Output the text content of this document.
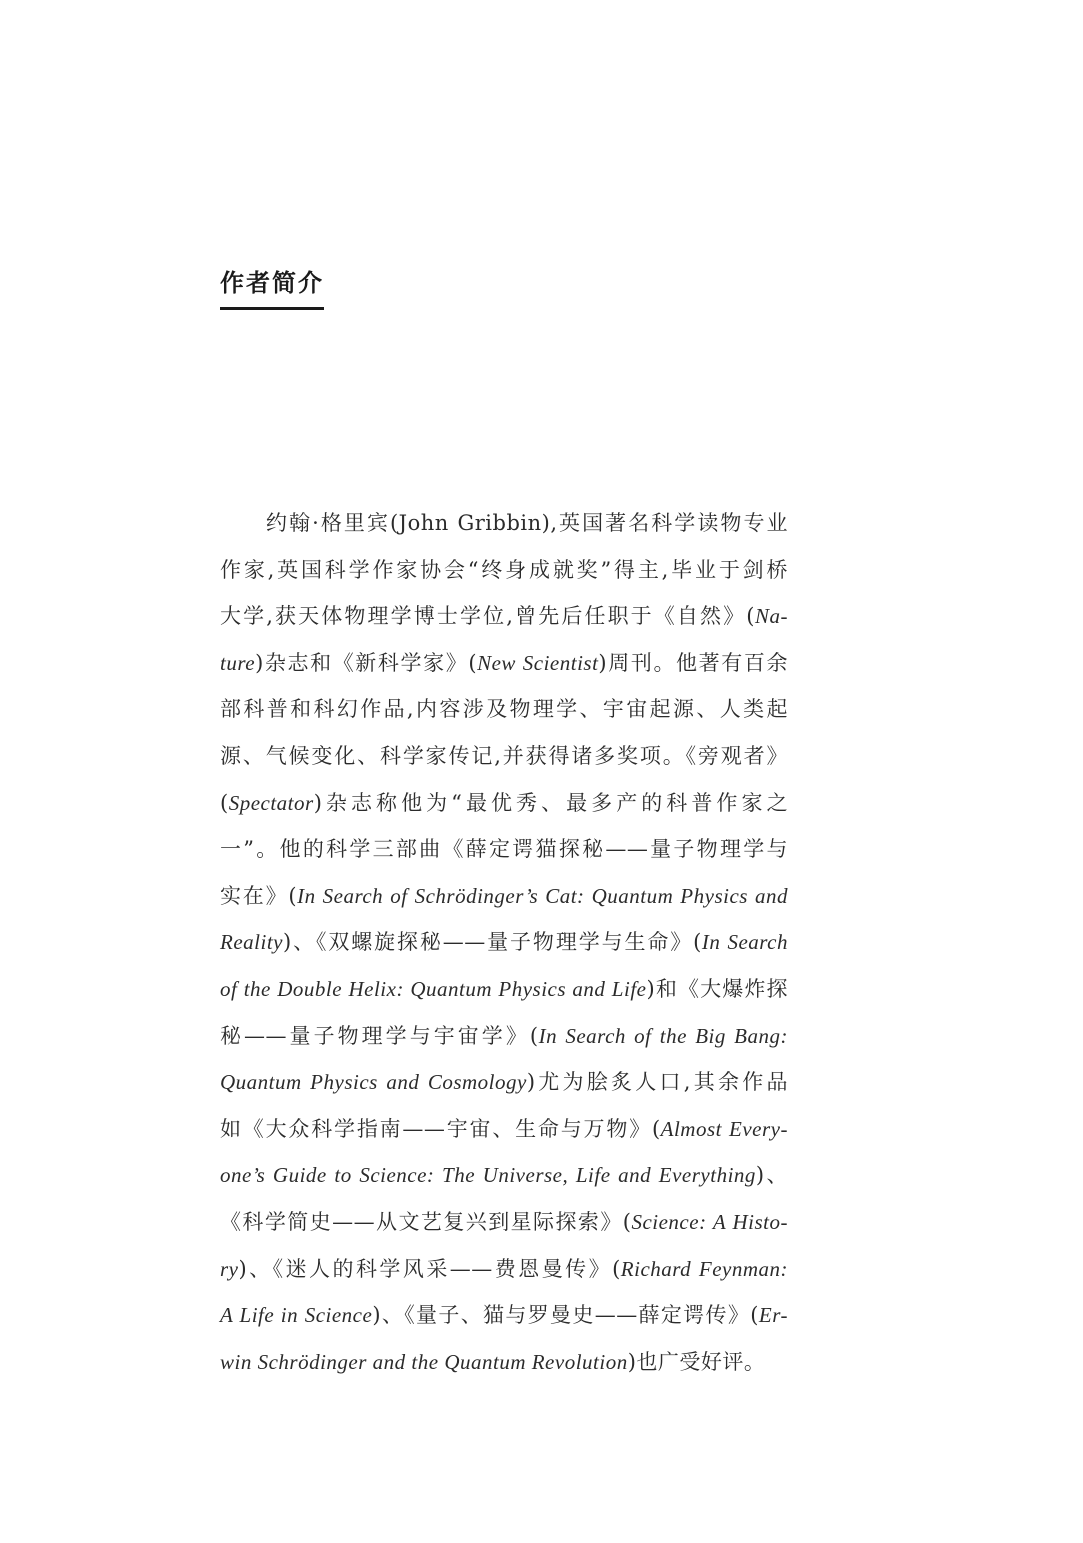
作者简介
约翰·格里宾(John Gribbin),英国著名科学读物专业
作家,英国科学作家协会“终身成就奖”得主,毕业于剑桥
大学,获天体物理学博士学位,曾先后任职于《自然》(Na-
ture)杂志和《新科学家》(New Scientist)周刊。他著有百余
部科普和科幻作品,内容涉及物理学、宇宙起源、人类起
源、气候变化、科学家传记,并获得诸多奖项。《旁观者》
(Spectator)杂志称他为“最优秀、最多产的科普作家之
一”。他的科学三部曲《薛定谔猫探秘——量子物理学与
实在》(In Search of Schrödinger’s Cat: Quantum Physics and
Reality)、《双螺旋探秘——量子物理学与生命》(In Search
of the Double Helix: Quantum Physics and Life)和《大爆炸探
秘——量子物理学与宇宙学》(In Search of the Big Bang:
Quantum Physics and Cosmology)尤为脍炙人口,其余作品
如《大众科学指南——宇宙、生命与万物》(Almost Every-
one’s Guide to Science: The Universe, Life and Everything)、
《科学简史——从文艺复兴到星际探索》(Science: A Histo-
ry)、《迷人的科学风采——费恩曼传》(Richard Feynman:
A Life in Science)、《量子、猫与罗曼史——薛定谔传》(Er-
win Schrödinger and the Quantum Revolution)也广受好评。
